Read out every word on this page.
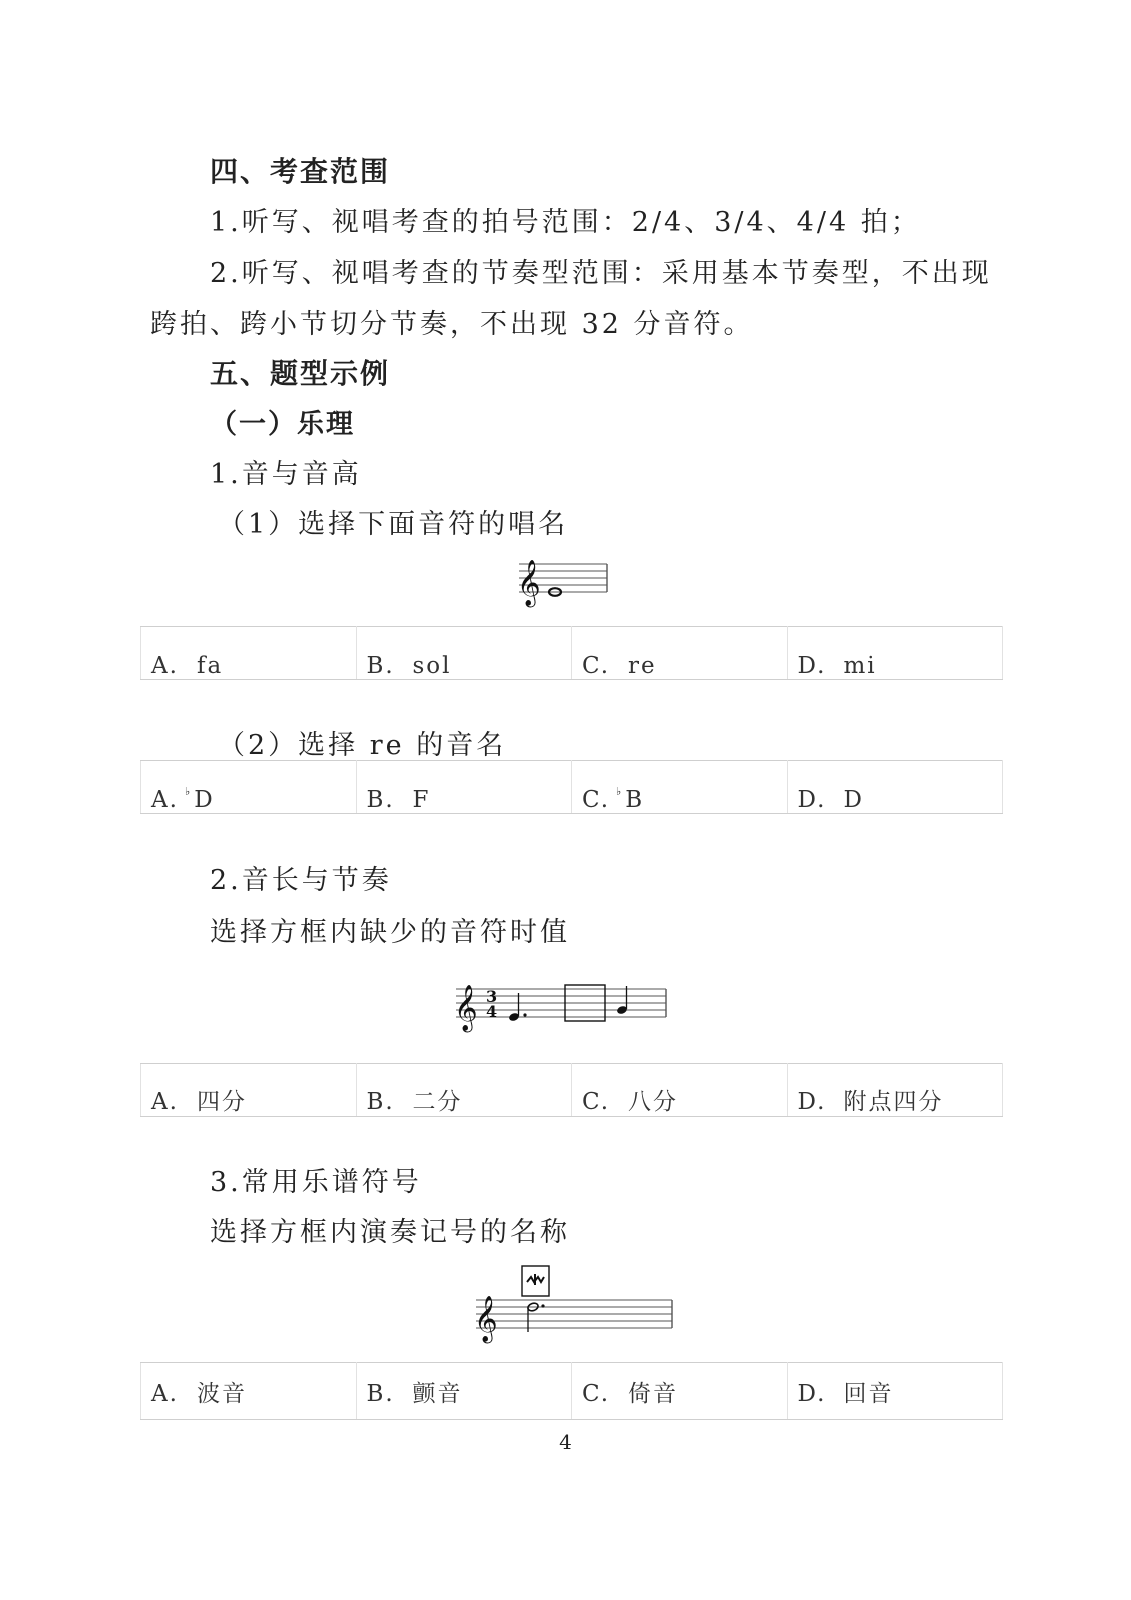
四、考查范围
1.听写、视唱考查的拍号范围：2/4、3/4、4/4 拍；
2.听写、视唱考查的节奏型范围：采用基本节奏型，不出现
跨拍、跨小节切分节奏，不出现 32 分音符。
五、题型示例
（一）乐理
1.音与音高
（1）选择下面音符的唱名
𝄞
A. fa	B. sol	C. re	D. mi
（2）选择 re 的音名
A. ♭D	B. F	C. ♭B	D. D
2.音长与节奏
选择方框内缺少的音符时值
𝄞 3
4
A. 四分	B. 二分	C. 八分	D. 附点四分
3.常用乐谱符号
选择方框内演奏记号的名称
𝄞
A. 波音	B. 颤音	C. 倚音	D. 回音
4
